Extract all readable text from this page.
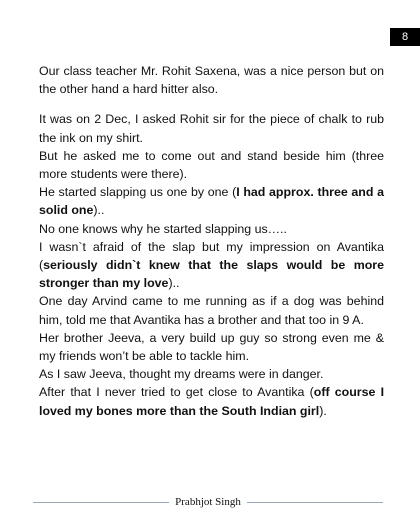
8

Our class teacher Mr. Rohit Saxena, was a nice person but on the other hand a hard hitter also.

It was on 2 Dec, I asked Rohit sir for the piece of chalk to rub the ink on my shirt.

But he asked me to come out and stand beside him (three more students were there).

He started slapping us one by one (I had approx. three and a solid one)..

No one knows why he started slapping us…..

I wasn`t afraid of the slap but my impression on Avantika (seriously didn`t knew that the slaps would be more stronger than my love)..

One day Arvind came to me running as if a dog was behind him, told me that Avantika has a brother and that too in 9 A.

Her brother Jeeva, a very build up guy so strong even me & my friends won’t be able to tackle him.

As I saw Jeeva, thought my dreams were in danger.

After that I never tried to get close to Avantika (off course I loved my bones more than the South Indian girl).

Prabhjot Singh
